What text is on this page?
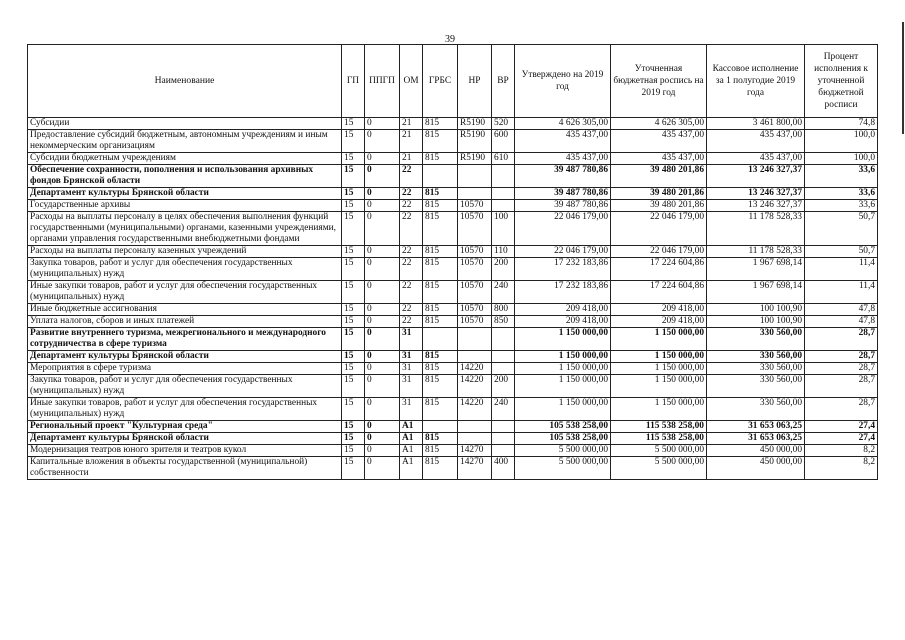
39
Наименование	ГП	ППГП	ОМ	ГРБС	НР	ВР	Утверждено на 2019 год	Уточненная бюджетная роспись на 2019 год	Кассовое исполнение за 1 полугодие 2019 года	Процент исполнения к уточненной бюджетной росписи
Субсидии	15	0	21	815	R5190	520	4 626 305,00	4 626 305,00	3 461 800,00	74,8
Предоставление субсидий бюджетным, автономным учреждениям и иным некоммерческим организациям	15	0	21	815	R5190	600	435 437,00	435 437,00	435 437,00	100,0
Субсидии бюджетным учреждениям	15	0	21	815	R5190	610	435 437,00	435 437,00	435 437,00	100,0
Обеспечение сохранности, пополнения и использования архивных фондов Брянской области	15	0	22				39 487 780,86	39 480 201,86	13 246 327,37	33,6
Департамент культуры Брянской области	15	0	22	815			39 487 780,86	39 480 201,86	13 246 327,37	33,6
Государственные архивы	15	0	22	815	10570		39 487 780,86	39 480 201,86	13 246 327,37	33,6
Расходы на выплаты персоналу в целях обеспечения выполнения функций государственными (муниципальными) органами, казенными учреждениями, органами управления государственными внебюджетными фондами	15	0	22	815	10570	100	22 046 179,00	22 046 179,00	11 178 528,33	50,7
Расходы на выплаты персоналу казенных учреждений	15	0	22	815	10570	110	22 046 179,00	22 046 179,00	11 178 528,33	50,7
Закупка товаров, работ и услуг для обеспечения государственных (муниципальных) нужд	15	0	22	815	10570	200	17 232 183,86	17 224 604,86	1 967 698,14	11,4
Иные закупки товаров, работ и услуг для обеспечения государственных (муниципальных) нужд	15	0	22	815	10570	240	17 232 183,86	17 224 604,86	1 967 698,14	11,4
Иные бюджетные ассигнования	15	0	22	815	10570	800	209 418,00	209 418,00	100 100,90	47,8
Уплата налогов, сборов и иных платежей	15	0	22	815	10570	850	209 418,00	209 418,00	100 100,90	47,8
Развитие внутреннего туризма, межрегионального и международного сотрудничества в сфере туризма	15	0	31				1 150 000,00	1 150 000,00	330 560,00	28,7
Департамент культуры Брянской области	15	0	31	815			1 150 000,00	1 150 000,00	330 560,00	28,7
Мероприятия в сфере туризма	15	0	31	815	14220		1 150 000,00	1 150 000,00	330 560,00	28,7
Закупка товаров, работ и услуг для обеспечения государственных (муниципальных) нужд	15	0	31	815	14220	200	1 150 000,00	1 150 000,00	330 560,00	28,7
Иные закупки товаров, работ и услуг для обеспечения государственных (муниципальных) нужд	15	0	31	815	14220	240	1 150 000,00	1 150 000,00	330 560,00	28,7
Региональный проект "Культурная среда"	15	0	A1				105 538 258,00	115 538 258,00	31 653 063,25	27,4
Департамент культуры Брянской области	15	0	A1	815			105 538 258,00	115 538 258,00	31 653 063,25	27,4
Модернизация театров юного зрителя и театров кукол	15	0	A1	815	14270		5 500 000,00	5 500 000,00	450 000,00	8,2
Капитальные вложения в объекты государственной (муниципальной) собственности	15	0	A1	815	14270	400	5 500 000,00	5 500 000,00	450 000,00	8,2
